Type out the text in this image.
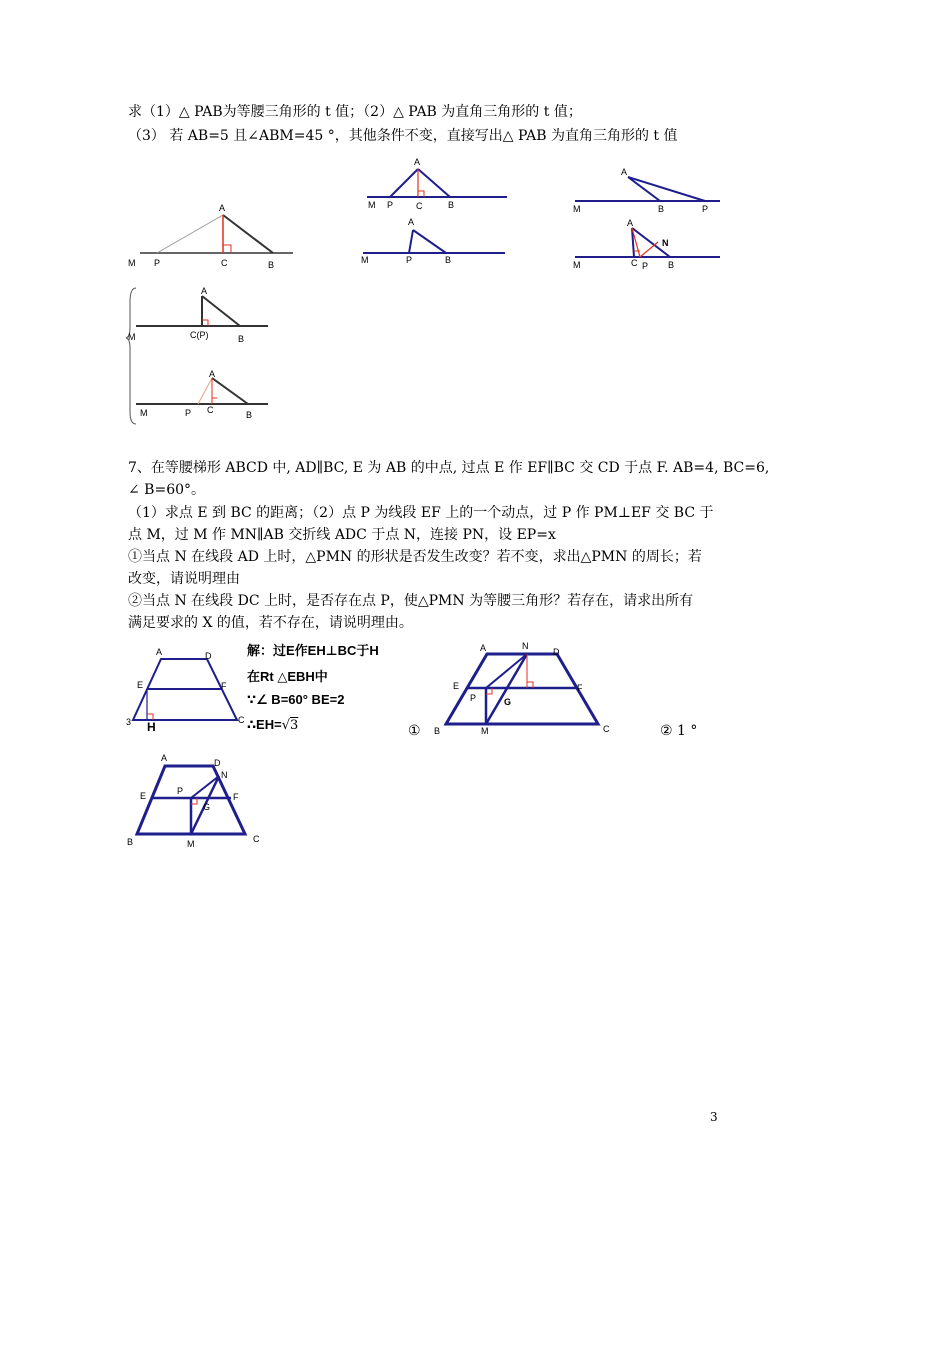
求（1）△ PAB为等腰三角形的 t 值；（2）△ PAB 为直角三角形的 t 值；
（3） 若 AB=5 且∠ABM=45 °，其他条件不变，直接写出△ PAB 为直角三角形的 t 值
A
M P	C	B
A
M P	C	B
A
M	P	B
A
M	B	P
A
N
M	C P B
A
M	C(P)	B
A
M	P C	B
7、在等腰梯形 ABCD 中, AD∥BC, E 为 AB 的中点, 过点 E 作 EF∥BC 交 CD 于点 F. AB=4, BC=6,
∠ B=60°。
（1）求点 E 到 BC 的距离；（2）点 P 为线段 EF 上的一个动点，过 P 作 PM⊥EF 交 BC 于
点 M，过 M 作 MN∥AB 交折线 ADC 于点 N，连接 PN，设 EP=x
①当点 N 在线段 AD 上时，△PMN 的形状是否发生改变？若不变，求出△PMN 的周长；若
改变，请说明理由
②当点 N 在线段 DC 上时，是否存在点 P，使△PMN 为等腰三角形？若存在，请求出所有
满足要求的 X 的值，若不存在，请说明理由。
A	D
E	F
3 H	C
解：过E作EH⊥BC于H
在Rt △EBH中
∵∠ B=60° BE=2
∴EH=√3
A	N
D
E	F
P	G
B	M	C
①	② 1 °
A	D
N
E	P
F
G
B	M	C
3
